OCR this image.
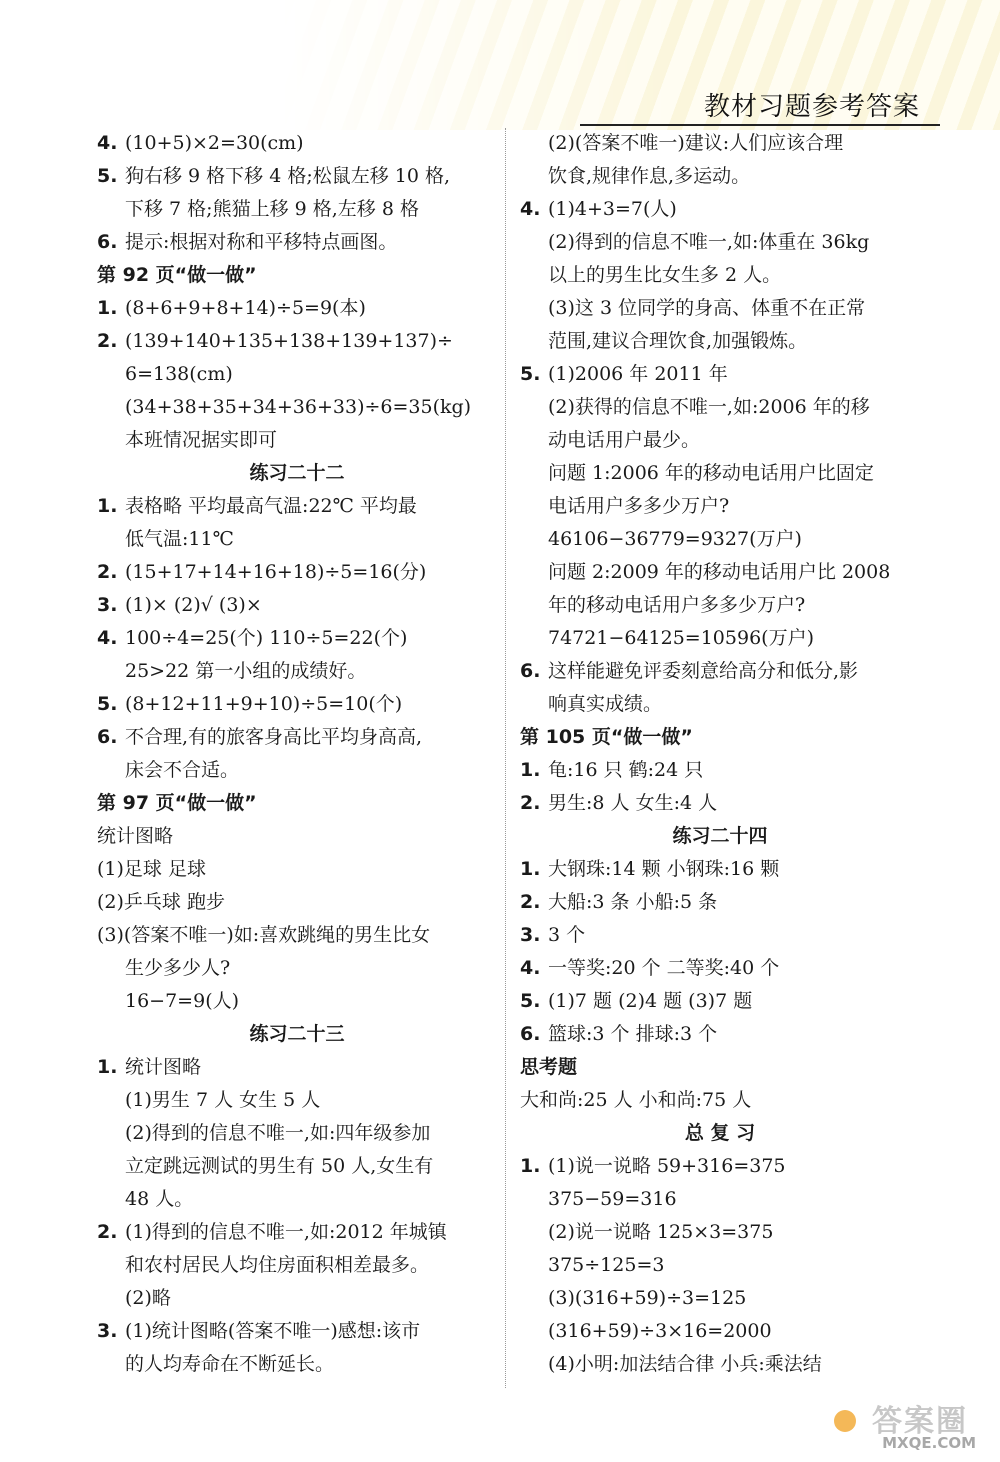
教材习题参考答案
4. (10+5)×2=30(cm)
5. 狗右移 9 格下移 4 格;松鼠左移 10 格,
下移 7 格;熊猫上移 9 格,左移 8 格
6. 提示:根据对称和平移特点画图。
第 92 页“做一做”
1. (8+6+9+8+14)÷5=9(本)
2. (139+140+135+138+139+137)÷
6=138(cm)
(34+38+35+34+36+33)÷6=35(kg)
本班情况据实即可
练习二十二
1. 表格略 平均最高气温:22℃ 平均最
低气温:11℃
2. (15+17+14+16+18)÷5=16(分)
3. (1)× (2)√ (3)×
4. 100÷4=25(个) 110÷5=22(个)
25>22 第一小组的成绩好。
5. (8+12+11+9+10)÷5=10(个)
6. 不合理,有的旅客身高比平均身高高,
床会不合适。
第 97 页“做一做”
统计图略
(1)足球 足球
(2)乒乓球 跑步
(3)(答案不唯一)如:喜欢跳绳的男生比女
生少多少人?
16−7=9(人)
练习二十三
1. 统计图略
(1)男生 7 人 女生 5 人
(2)得到的信息不唯一,如:四年级参加
立定跳远测试的男生有 50 人,女生有
48 人。
2. (1)得到的信息不唯一,如:2012 年城镇
和农村居民人均住房面积相差最多。
(2)略
3. (1)统计图略(答案不唯一)感想:该市
的人均寿命在不断延长。
(2)(答案不唯一)建议:人们应该合理
饮食,规律作息,多运动。
4. (1)4+3=7(人)
(2)得到的信息不唯一,如:体重在 36kg
以上的男生比女生多 2 人。
(3)这 3 位同学的身高、体重不在正常
范围,建议合理饮食,加强锻炼。
5. (1)2006 年 2011 年
(2)获得的信息不唯一,如:2006 年的移
动电话用户最少。
问题 1:2006 年的移动电话用户比固定
电话用户多多少万户?
46106−36779=9327(万户)
问题 2:2009 年的移动电话用户比 2008
年的移动电话用户多多少万户?
74721−64125=10596(万户)
6. 这样能避免评委刻意给高分和低分,影
响真实成绩。
第 105 页“做一做”
1. 龟:16 只 鹤:24 只
2. 男生:8 人 女生:4 人
练习二十四
1. 大钢珠:14 颗 小钢珠:16 颗
2. 大船:3 条 小船:5 条
3. 3 个
4. 一等奖:20 个 二等奖:40 个
5. (1)7 题 (2)4 题 (3)7 题
6. 篮球:3 个 排球:3 个
思考题
大和尚:25 人 小和尚:75 人
总 复 习
1. (1)说一说略 59+316=375
375−59=316
(2)说一说略 125×3=375
375÷125=3
(3)(316+59)÷3=125
(316+59)÷3×16=2000
(4)小明:加法结合律 小兵:乘法结
答案圈
MXQE.COM
